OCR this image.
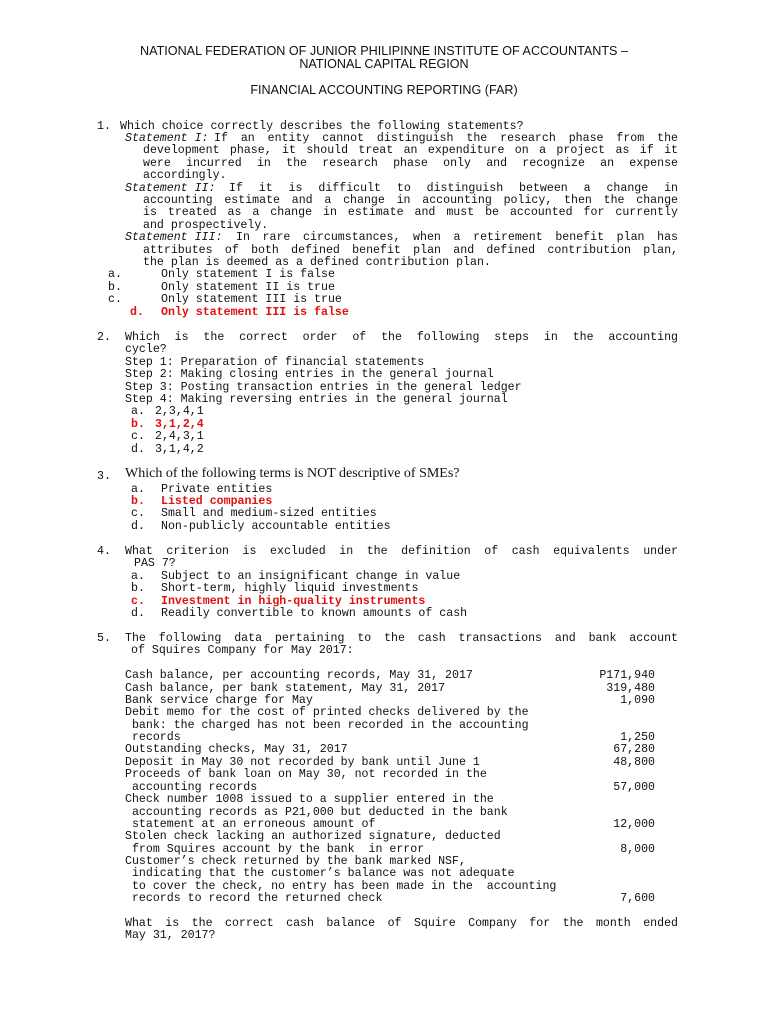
NATIONAL FEDERATION OF JUNIOR PHILIPINNE INSTITUTE OF ACCOUNTANTS –
NATIONAL CAPITAL REGION
FINANCIAL ACCOUNTING REPORTING (FAR)
1. Which choice correctly describes the following statements?
Statement I: If an entity cannot distinguish the research phase from the
development phase, it should treat an expenditure on a project as if it
were incurred in the research phase only and recognize an expense
accordingly.
Statement II: If it is difficult to distinguish between a change in
accounting estimate and a change in accounting policy, then the change
is treated as a change in estimate and must be accounted for currently
and prospectively.
Statement III: In rare circumstances, when a retirement benefit plan has
attributes of both defined benefit plan and defined contribution plan,
the plan is deemed as a defined contribution plan.
a.	Only statement I is false
b.	Only statement II is true
c.	Only statement III is true
d. Only statement III is false
2. Which is the correct order of the following steps in the accounting
cycle?
Step 1: Preparation of financial statements
Step 2: Making closing entries in the general journal
Step 3: Posting transaction entries in the general ledger
Step 4: Making reversing entries in the general journal
a. 2,3,4,1
b. 3,1,2,4
c. 2,4,3,1
d. 3,1,4,2
3. Which of the following terms is NOT descriptive of SMEs?
a. Private entities
b. Listed companies
c. Small and medium-sized entities
d. Non-publicly accountable entities
4. What criterion is excluded in the definition of cash equivalents under
PAS 7?
a. Subject to an insignificant change in value
b. Short-term, highly liquid investments
c. Investment in high-quality instruments
d. Readily convertible to known amounts of cash
5. The following data pertaining to the cash transactions and bank account
of Squires Company for May 2017:
Cash balance, per accounting records, May 31, 2017	P171,940
Cash balance, per bank statement, May 31, 2017	319,480
Bank service charge for May	1,090
Debit memo for the cost of printed checks delivered by the
bank: the charged has not been recorded in the accounting
records	1,250
Outstanding checks, May 31, 2017	67,280
Deposit in May 30 not recorded by bank until June 1	48,800
Proceeds of bank loan on May 30, not recorded in the
accounting records	57,000
Check number 1008 issued to a supplier entered in the
accounting records as P21,000 but deducted in the bank
statement at an erroneous amount of	12,000
Stolen check lacking an authorized signature, deducted
from Squires account by the bank  in error	8,000
Customer’s check returned by the bank marked NSF,
indicating that the customer’s balance was not adequate
to cover the check, no entry has been made in the  accounting
records to record the returned check	7,600
What is the correct cash balance of Squire Company for the month ended
May 31, 2017?
